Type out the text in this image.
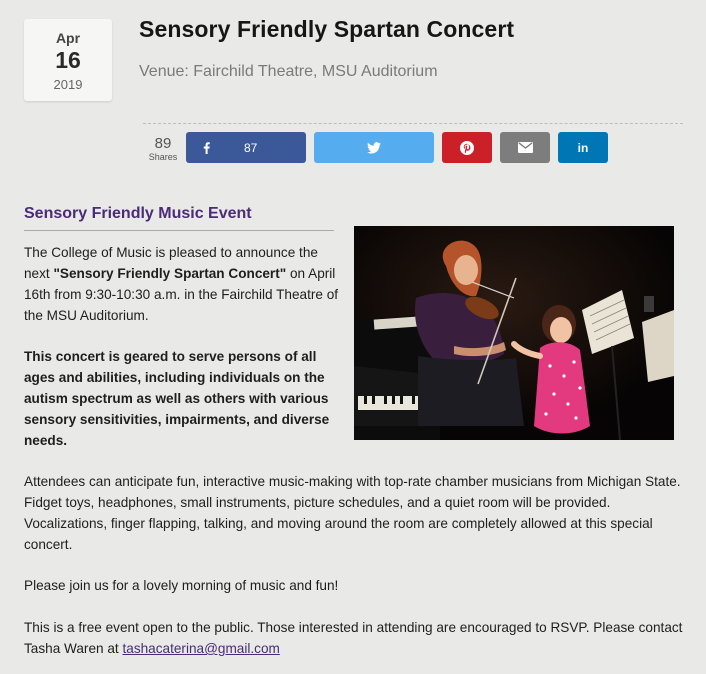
Apr
16
2019
Sensory Friendly Spartan Concert

Venue: Fairchild Theatre, MSU Auditorium

89
Shares
87	in
Sensory Friendly Music Event

The College of Music is pleased to announce the next "Sensory Friendly Spartan Concert" on April 16th from 9:30-10:30 a.m. in the Fairchild Theatre of the MSU Auditorium.

This concert is geared to serve persons of all ages and abilities, including individuals on the autism spectrum as well as others with various sensory sensitivities, impairments, and diverse needs.

Attendees can anticipate fun, interactive music-making with top-rate chamber musicians from Michigan State. Fidget toys, headphones, small instruments, picture schedules, and a quiet room will be provided. Vocalizations, finger flapping, talking, and moving around the room are completely allowed at this special concert.

Please join us for a lovely morning of music and fun!

This is a free event open to the public. Those interested in attending are encouraged to RSVP. Please contact Tasha Waren at tashacaterina@gmail.com
